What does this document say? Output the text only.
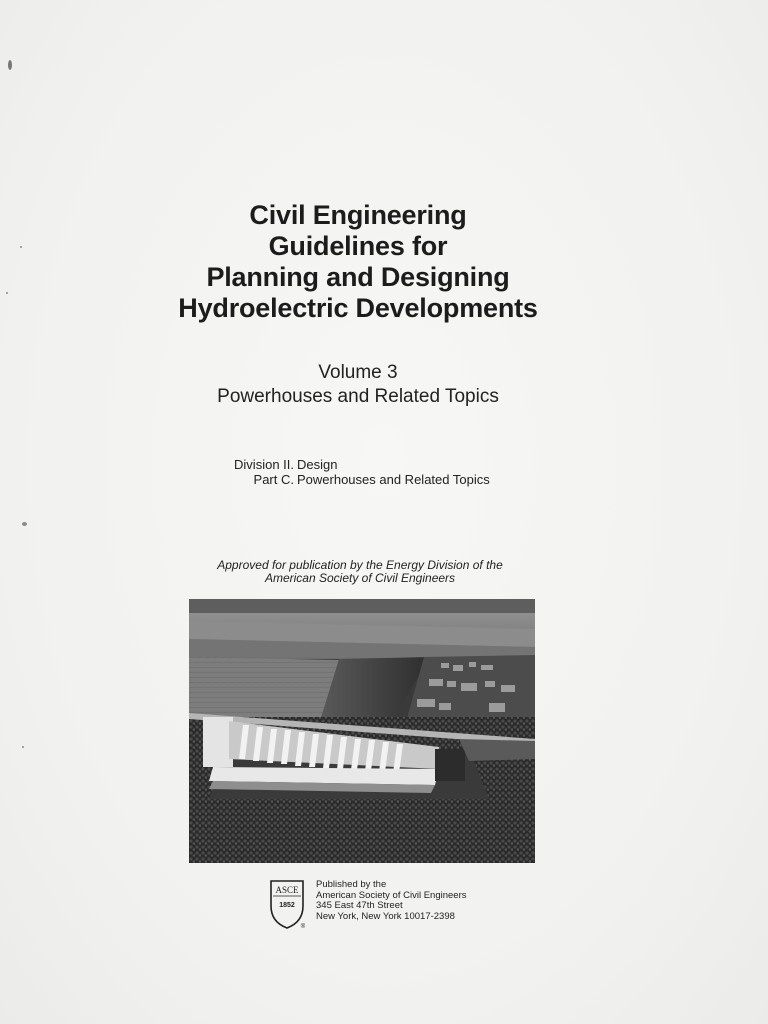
Civil Engineering
Guidelines for
Planning and Designing
Hydroelectric Developments
Volume 3
Powerhouses and Related Topics
Division II. Design
Part C. Powerhouses and Related Topics
Approved for publication by the Energy Division of the
American Society of Civil Engineers
ASCE
1852
®
Published by the
American Society of Civil Engineers
345 East 47th Street
New York, New York 10017-2398
